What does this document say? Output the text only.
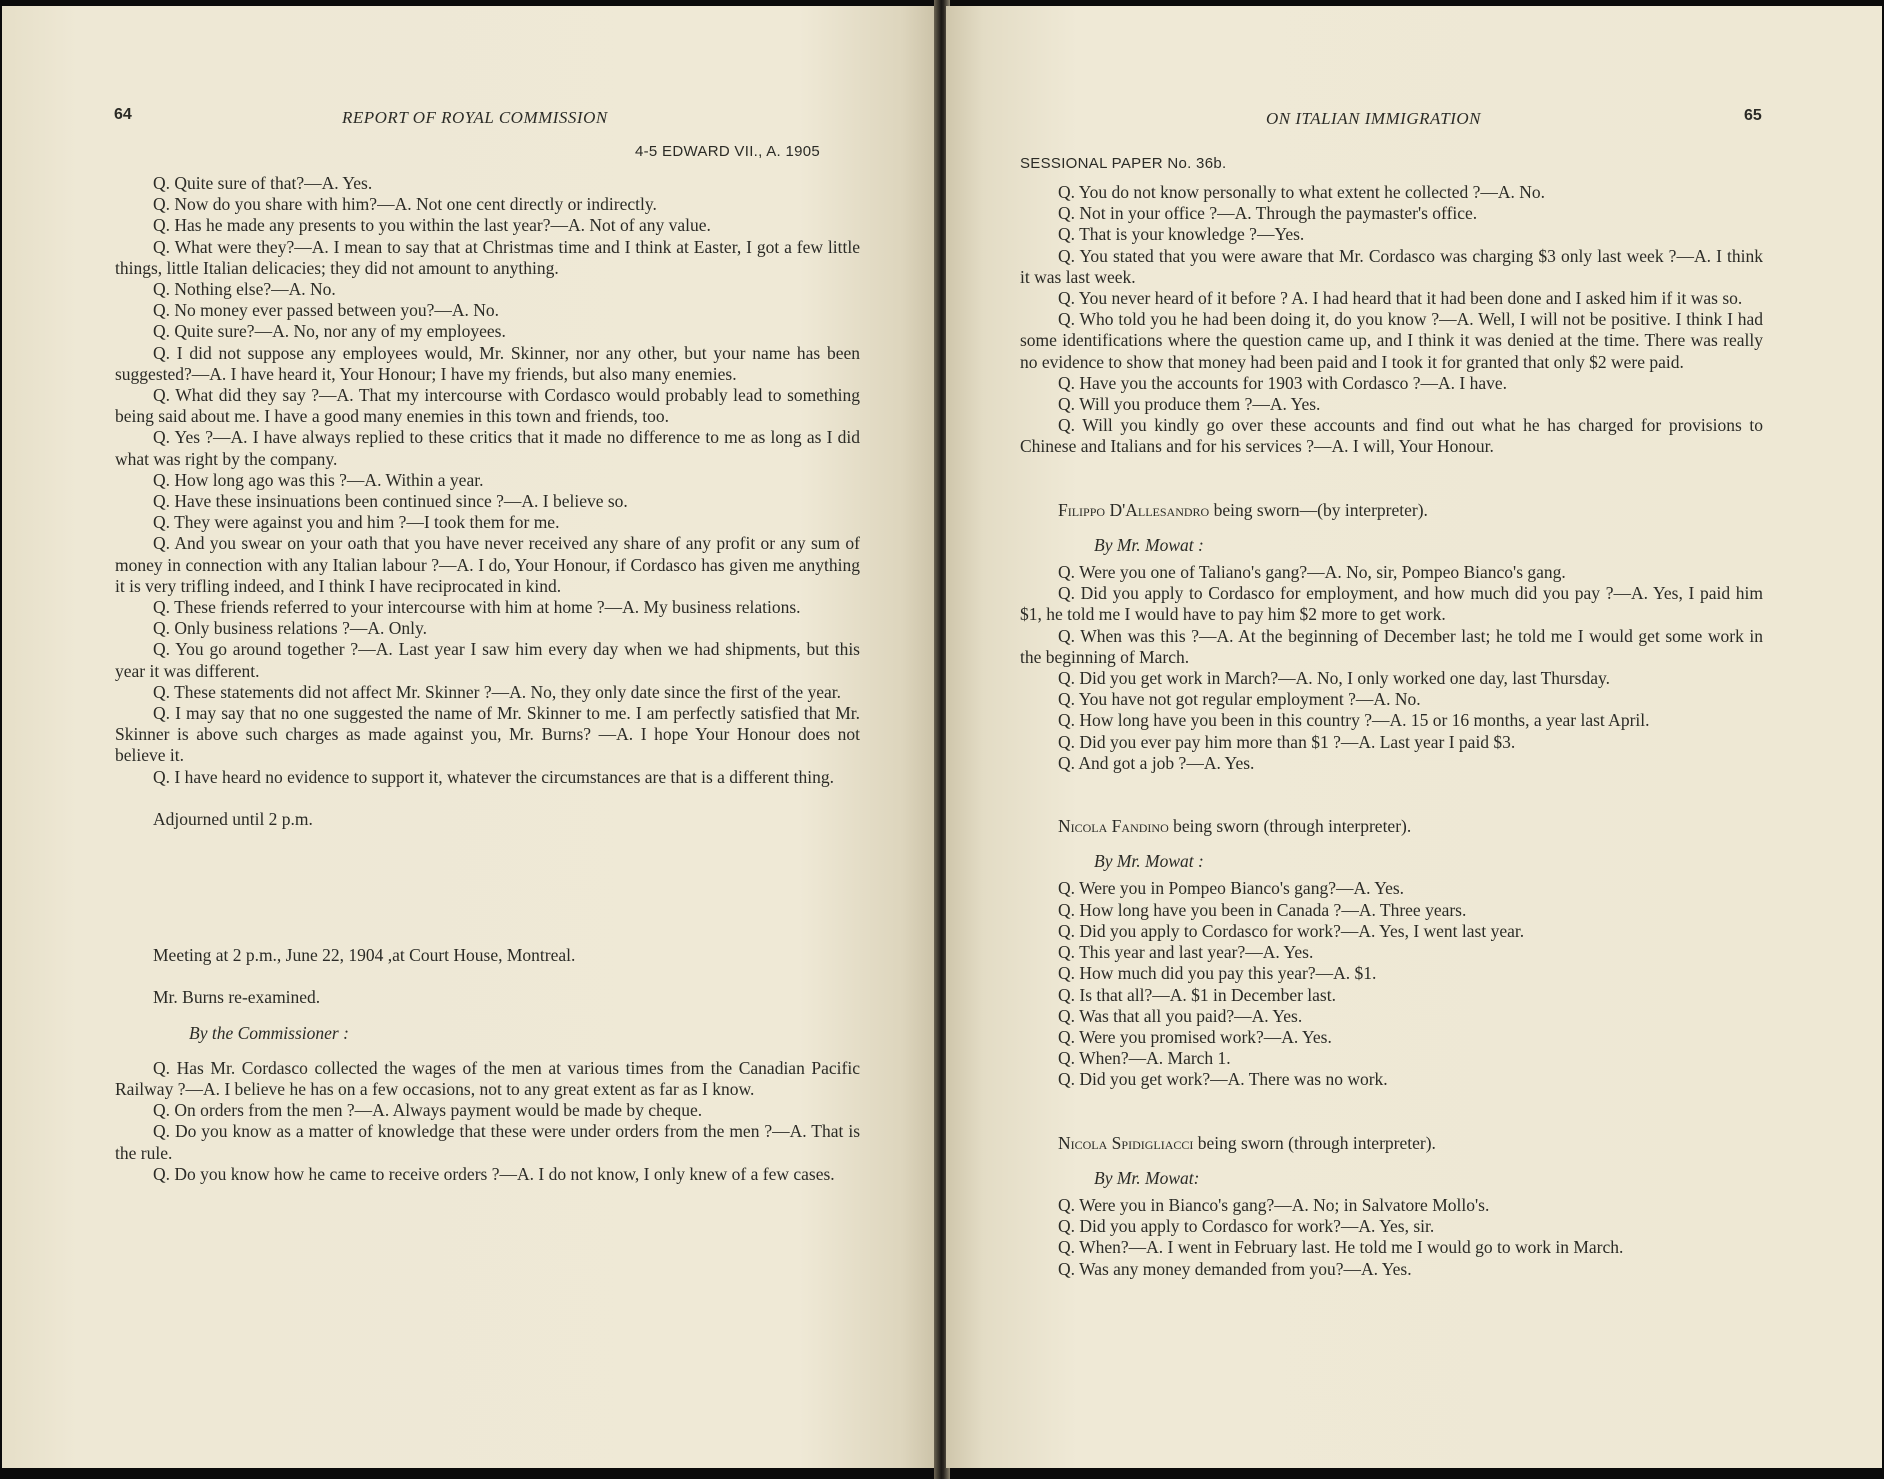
64	REPORT OF ROYAL COMMISSION
4-5 EDWARD VII., A. 1905

Q. Quite sure of that?—A. Yes.

Q. Now do you share with him?—A. Not one cent directly or indirectly.

Q. Has he made any presents to you within the last year?—A. Not of any value.

Q. What were they?—A. I mean to say that at Christmas time and I think at Easter, I got a few little things, little Italian delicacies; they did not amount to anything.

Q. Nothing else?—A. No.

Q. No money ever passed between you?—A. No.

Q. Quite sure?—A. No, nor any of my employees.

Q. I did not suppose any employees would, Mr. Skinner, nor any other, but your name has been suggested?—A. I have heard it, Your Honour; I have my friends, but also many enemies.

Q. What did they say ?—A. That my intercourse with Cordasco would probably lead to something being said about me. I have a good many enemies in this town and friends, too.

Q. Yes ?—A. I have always replied to these critics that it made no difference to me as long as I did what was right by the company.

Q. How long ago was this ?—A. Within a year.

Q. Have these insinuations been continued since ?—A. I believe so.

Q. They were against you and him ?—I took them for me.

Q. And you swear on your oath that you have never received any share of any profit or any sum of money in connection with any Italian labour ?—A. I do, Your Honour, if Cordasco has given me anything it is very trifling indeed, and I think I have reciprocated in kind.

Q. These friends referred to your intercourse with him at home ?—A. My business relations.

Q. Only business relations ?—A. Only.

Q. You go around together ?—A. Last year I saw him every day when we had shipments, but this year it was different.

Q. These statements did not affect Mr. Skinner ?—A. No, they only date since the first of the year.

Q. I may say that no one suggested the name of Mr. Skinner to me. I am perfectly satisfied that Mr. Skinner is above such charges as made against you, Mr. Burns? —A. I hope Your Honour does not believe it.

Q. I have heard no evidence to support it, whatever the circumstances are that is a different thing.

Adjourned until 2 p.m.

Meeting at 2 p.m., June 22, 1904 ,at Court House, Montreal.

Mr. Burns re-examined.

By the Commissioner :

Q. Has Mr. Cordasco collected the wages of the men at various times from the Canadian Pacific Railway ?—A. I believe he has on a few occasions, not to any great extent as far as I know.

Q. On orders from the men ?—A. Always payment would be made by cheque.

Q. Do you know as a matter of knowledge that these were under orders from the men ?—A. That is the rule.

Q. Do you know how he came to receive orders ?—A. I do not know, I only knew of a few cases.

ON ITALIAN IMMIGRATION	65
SESSIONAL PAPER No. 36b.

Q. You do not know personally to what extent he collected ?—A. No.

Q. Not in your office ?—A. Through the paymaster's office.

Q. That is your knowledge ?—Yes.

Q. You stated that you were aware that Mr. Cordasco was charging $3 only last week ?—A. I think it was last week.

Q. You never heard of it before ? A. I had heard that it had been done and I asked him if it was so.

Q. Who told you he had been doing it, do you know ?—A. Well, I will not be positive. I think I had some identifications where the question came up, and I think it was denied at the time. There was really no evidence to show that money had been paid and I took it for granted that only $2 were paid.

Q. Have you the accounts for 1903 with Cordasco ?—A. I have.

Q. Will you produce them ?—A. Yes.

Q. Will you kindly go over these accounts and find out what he has charged for provisions to Chinese and Italians and for his services ?—A. I will, Your Honour.

Filippo D'Allesandro being sworn—(by interpreter).

By Mr. Mowat :

Q. Were you one of Taliano's gang?—A. No, sir, Pompeo Bianco's gang.

Q. Did you apply to Cordasco for employment, and how much did you pay ?—A. Yes, I paid him $1, he told me I would have to pay him $2 more to get work.

Q. When was this ?—A. At the beginning of December last; he told me I would get some work in the beginning of March.

Q. Did you get work in March?—A. No, I only worked one day, last Thursday.

Q. You have not got regular employment ?—A. No.

Q. How long have you been in this country ?—A. 15 or 16 months, a year last April.

Q. Did you ever pay him more than $1 ?—A. Last year I paid $3.

Q. And got a job ?—A. Yes.

Nicola Fandino being sworn (through interpreter).

By Mr. Mowat :

Q. Were you in Pompeo Bianco's gang?—A. Yes.

Q. How long have you been in Canada ?—A. Three years.

Q. Did you apply to Cordasco for work?—A. Yes, I went last year.

Q. This year and last year?—A. Yes.

Q. How much did you pay this year?—A. $1.

Q. Is that all?—A. $1 in December last.

Q. Was that all you paid?—A. Yes.

Q. Were you promised work?—A. Yes.

Q. When?—A. March 1.

Q. Did you get work?—A. There was no work.

Nicola Spidigliacci being sworn (through interpreter).

By Mr. Mowat:

Q. Were you in Bianco's gang?—A. No; in Salvatore Mollo's.

Q. Did you apply to Cordasco for work?—A. Yes, sir.

Q. When?—A. I went in February last. He told me I would go to work in March.

Q. Was any money demanded from you?—A. Yes.
